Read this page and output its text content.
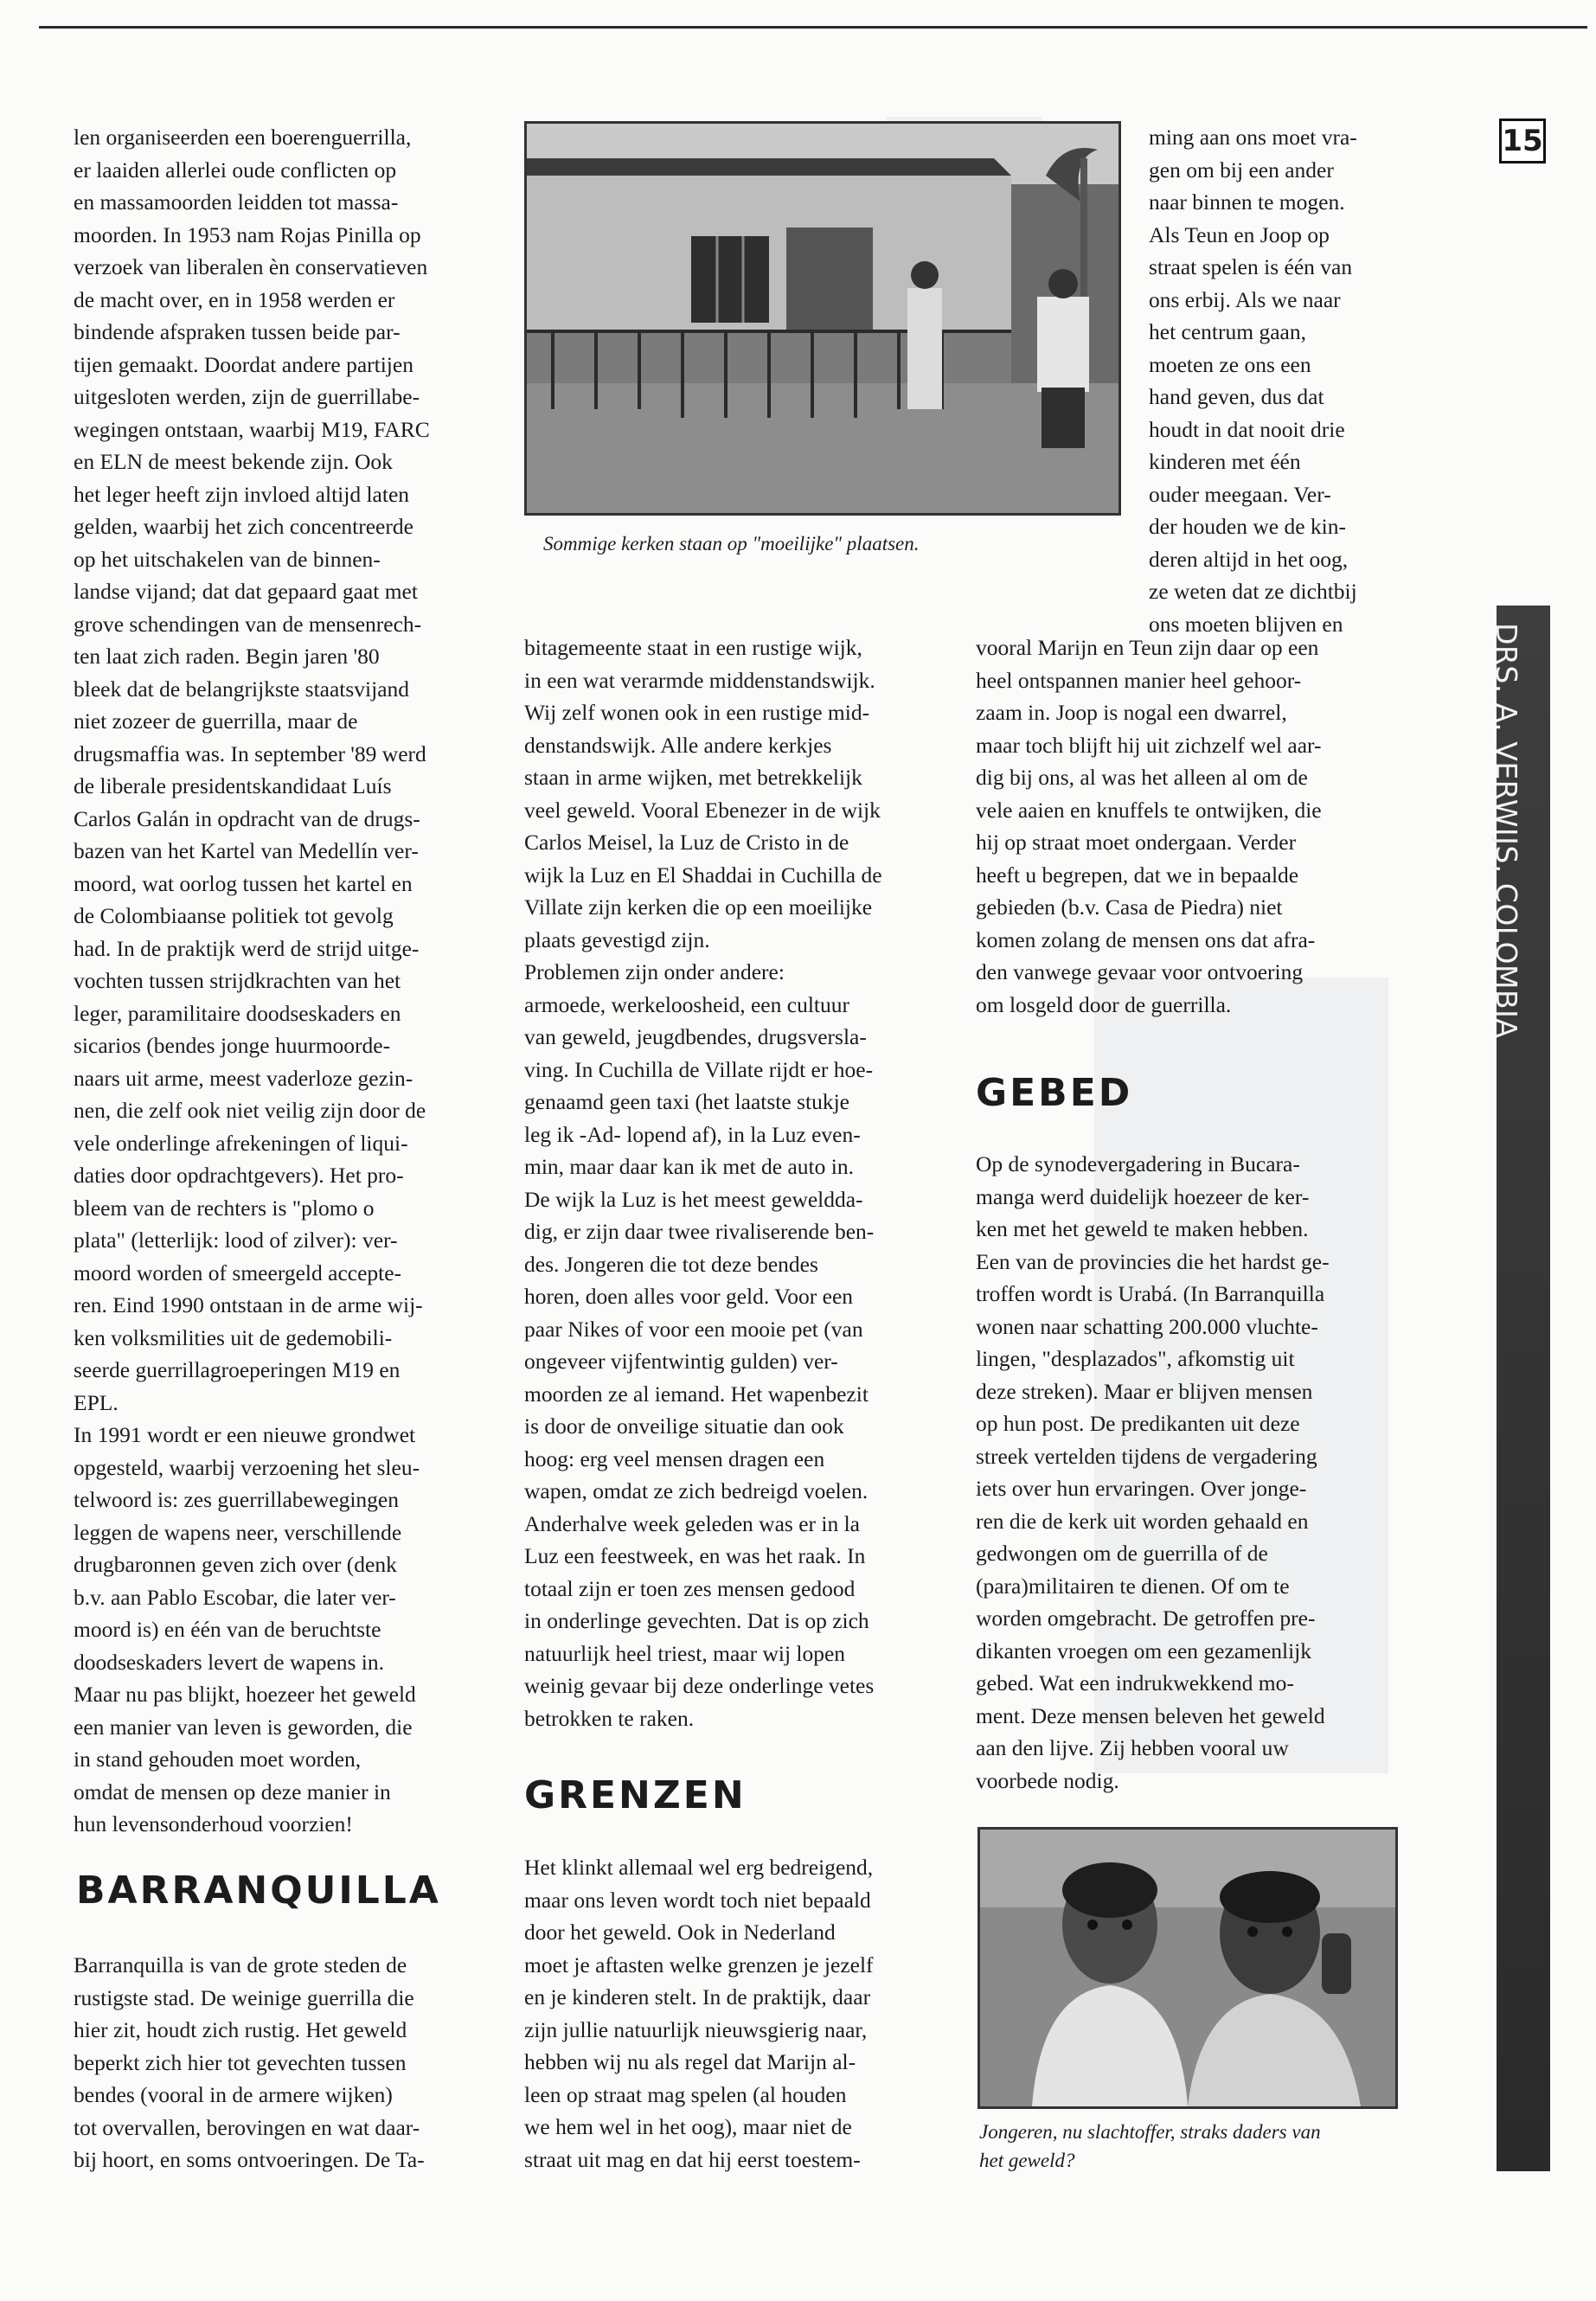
15

len organiseerden een boerenguerrilla,
er laaiden allerlei oude conflicten op
en massamoorden leidden tot massa-
moorden. In 1953 nam Rojas Pinilla op
verzoek van liberalen èn conservatieven
de macht over, en in 1958 werden er
bindende afspraken tussen beide par-
tijen gemaakt. Doordat andere partijen
uitgesloten werden, zijn de guerrillabe-
wegingen ontstaan, waarbij M19, FARC
en ELN de meest bekende zijn. Ook
het leger heeft zijn invloed altijd laten
gelden, waarbij het zich concentreerde
op het uitschakelen van de binnen-
landse vijand; dat dat gepaard gaat met
grove schendingen van de mensenrech-
ten laat zich raden. Begin jaren '80
bleek dat de belangrijkste staatsvijand
niet zozeer de guerrilla, maar de
drugsmaffia was. In september '89 werd
de liberale presidentskandidaat Luís
Carlos Galán in opdracht van de drugs-
bazen van het Kartel van Medellín ver-
moord, wat oorlog tussen het kartel en
de Colombiaanse politiek tot gevolg
had. In de praktijk werd de strijd uitge-
vochten tussen strijdkrachten van het
leger, paramilitaire doodseskaders en
sicarios (bendes jonge huurmoorde-
naars uit arme, meest vaderloze gezin-
nen, die zelf ook niet veilig zijn door de
vele onderlinge afrekeningen of liqui-
daties door opdrachtgevers). Het pro-
bleem van de rechters is "plomo o
plata" (letterlijk: lood of zilver): ver-
moord worden of smeergeld accepte-
ren. Eind 1990 ontstaan in de arme wij-
ken volksmilities uit de gedemobili-
seerde guerrillagroeperingen M19 en
EPL.

In 1991 wordt er een nieuwe grondwet
opgesteld, waarbij verzoening het sleu-
telwoord is: zes guerrillabewegingen
leggen de wapens neer, verschillende
drugbaronnen geven zich over (denk
b.v. aan Pablo Escobar, die later ver-
moord is) en één van de beruchtste
doodseskaders levert de wapens in.
Maar nu pas blijkt, hoezeer het geweld
een manier van leven is geworden, die
in stand gehouden moet worden,
omdat de mensen op deze manier in
hun levensonderhoud voorzien!

BARRANQUILLA

Barranquilla is van de grote steden de
rustigste stad. De weinige guerrilla die
hier zit, houdt zich rustig. Het geweld
beperkt zich hier tot gevechten tussen
bendes (vooral in de armere wijken)
tot overvallen, berovingen en wat daar-
bij hoort, en soms ontvoeringen. De Ta-

Sommige kerken staan op "moeilijke" plaatsen.

bitagemeente staat in een rustige wijk,
in een wat verarmde middenstandswijk.
Wij zelf wonen ook in een rustige mid-
denstandswijk. Alle andere kerkjes
staan in arme wijken, met betrekkelijk
veel geweld. Vooral Ebenezer in de wijk
Carlos Meisel, la Luz de Cristo in de
wijk la Luz en El Shaddai in Cuchilla de
Villate zijn kerken die op een moeilijke
plaats gevestigd zijn.
Problemen zijn onder andere:
armoede, werkeloosheid, een cultuur
van geweld, jeugdbendes, drugsversla-
ving. In Cuchilla de Villate rijdt er hoe-
genaamd geen taxi (het laatste stukje
leg ik -Ad- lopend af), in la Luz even-
min, maar daar kan ik met de auto in.
De wijk la Luz is het meest gewelddа-
dig, er zijn daar twee rivaliserende ben-
des. Jongeren die tot deze bendes
horen, doen alles voor geld. Voor een
paar Nikes of voor een mooie pet (van
ongeveer vijfentwintig gulden) ver-
moorden ze al iemand. Het wapenbezit
is door de onveilige situatie dan ook
hoog: erg veel mensen dragen een
wapen, omdat ze zich bedreigd voelen.
Anderhalve week geleden was er in la
Luz een feestweek, en was het raak. In
totaal zijn er toen zes mensen gedood
in onderlinge gevechten. Dat is op zich
natuurlijk heel triest, maar wij lopen
weinig gevaar bij deze onderlinge vetes
betrokken te raken.

GRENZEN

Het klinkt allemaal wel erg bedreigend,
maar ons leven wordt toch niet bepaald
door het geweld. Ook in Nederland
moet je aftasten welke grenzen je jezelf
en je kinderen stelt. In de praktijk, daar
zijn jullie natuurlijk nieuwsgierig naar,
hebben wij nu als regel dat Marijn al-
leen op straat mag spelen (al houden
we hem wel in het oog), maar niet de
straat uit mag en dat hij eerst toestem-

ming aan ons moet vra-
gen om bij een ander
naar binnen te mogen.
Als Teun en Joop op
straat spelen is één van
ons erbij. Als we naar
het centrum gaan,
moeten ze ons een
hand geven, dus dat
houdt in dat nooit drie
kinderen met één
ouder meegaan. Ver-
der houden we de kin-
deren altijd in het oog,
ze weten dat ze dichtbij
ons moeten blijven en

vooral Marijn en Teun zijn daar op een
heel ontspannen manier heel gehoor-
zaam in. Joop is nogal een dwarrel,
maar toch blijft hij uit zichzelf wel aar-
dig bij ons, al was het alleen al om de
vele aaien en knuffels te ontwijken, die
hij op straat moet ondergaan. Verder
heeft u begrepen, dat we in bepaalde
gebieden (b.v. Casa de Piedra) niet
komen zolang de mensen ons dat afra-
den vanwege gevaar voor ontvoering
om losgeld door de guerrilla.

GEBED

Op de synodevergadering in Bucara-
manga werd duidelijk hoezeer de ker-
ken met het geweld te maken hebben.
Een van de provincies die het hardst ge-
troffen wordt is Urabá. (In Barranquilla
wonen naar schatting 200.000 vluchte-
lingen, "desplazados", afkomstig uit
deze streken). Maar er blijven mensen
op hun post. De predikanten uit deze
streek vertelden tijdens de vergadering
iets over hun ervaringen. Over jonge-
ren die de kerk uit worden gehaald en
gedwongen om de guerrilla of de
(para)militairen te dienen. Of om te
worden omgebracht. De getroffen pre-
dikanten vroegen om een gezamenlijk
gebed. Wat een indrukwekkend mo-
ment. Deze mensen beleven het geweld
aan den lijve. Zij hebben vooral uw
voorbede nodig.

Jongeren, nu slachtoffer, straks daders van
het geweld?
DRS. A. VERWIJS, COLOMBIA
